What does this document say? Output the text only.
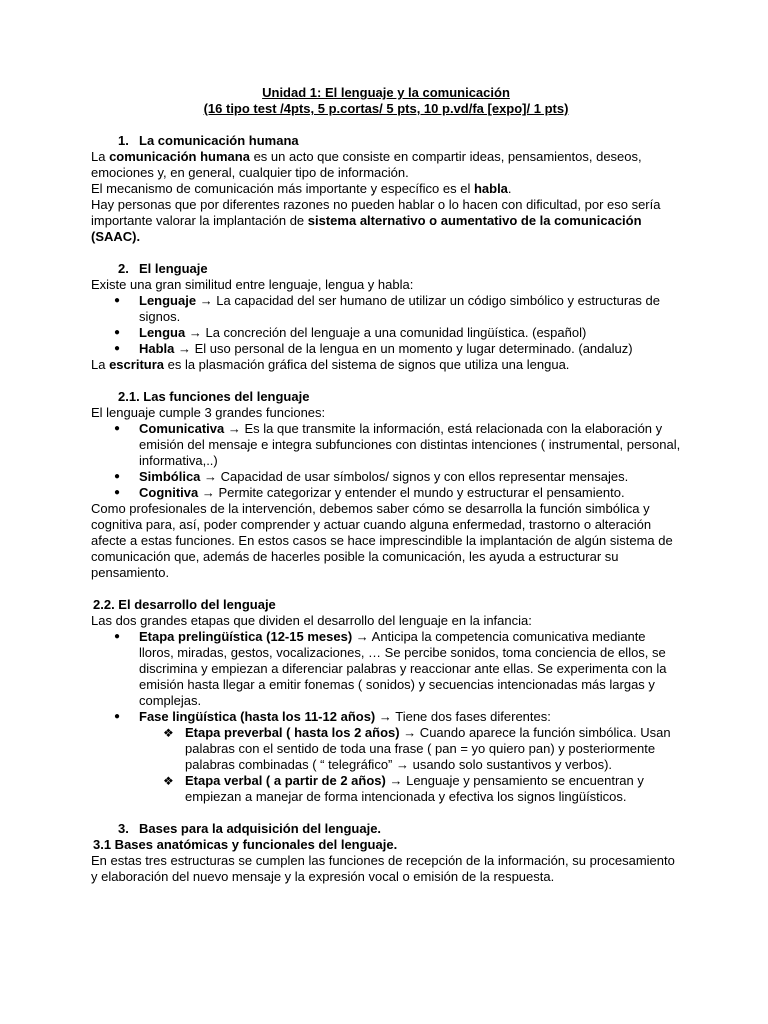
Unidad 1: El lenguaje y la comunicación

(16 tipo test /4pts, 5 p.cortas/ 5 pts, 10 p.vd/fa [expo]/ 1 pts)

1. La comunicación humana

La comunicación humana es un acto que consiste en compartir ideas, pensamientos, deseos, emociones y, en general, cualquier tipo de información.

El mecanismo de comunicación más importante y específico es el habla.

Hay personas que por diferentes razones no pueden hablar o lo hacen con dificultad, por eso sería importante valorar la implantación de sistema alternativo o aumentativo de la comunicación (SAAC).

2. El lenguaje

Existe una gran similitud entre lenguaje, lengua y habla:

● Lenguaje → La capacidad del ser humano de utilizar un código simbólico y estructuras de signos.
● Lengua → La concreción del lenguaje a una comunidad lingüística. (español)
● Habla → El uso personal de la lengua en un momento y lugar determinado. (andaluz)

La escritura es la plasmación gráfica del sistema de signos que utiliza una lengua.

2.1. Las funciones del lenguaje

El lenguaje cumple 3 grandes funciones:

● Comunicativa → Es la que transmite la información, está relacionada con la elaboración y emisión del mensaje e integra subfunciones con distintas intenciones ( instrumental, personal, informativa,..)
● Simbólica → Capacidad de usar símbolos/ signos y con ellos representar mensajes.
● Cognitiva → Permite categorizar y entender el mundo y estructurar el pensamiento.

Como profesionales de la intervención, debemos saber cómo se desarrolla la función simbólica y cognitiva para, así, poder comprender y actuar cuando alguna enfermedad, trastorno o alteración afecte a estas funciones. En estos casos se hace imprescindible la implantación de algún sistema de comunicación que, además de hacerles posible la comunicación, les ayuda a estructurar su pensamiento.

2.2. El desarrollo del lenguaje

Las dos grandes etapas que dividen el desarrollo del lenguaje en la infancia:

● Etapa prelingüística (12-15 meses) → Anticipa la competencia comunicativa mediante lloros, miradas, gestos, vocalizaciones, … Se percibe sonidos, toma conciencia de ellos, se discrimina y empiezan a diferenciar palabras y reaccionar ante ellas. Se experimenta con la emisión hasta llegar a emitir fonemas ( sonidos) y secuencias intencionadas más largas y complejas.
● Fase lingüística (hasta los 11-12 años) → Tiene dos fases diferentes:
❖ Etapa preverbal ( hasta los 2 años) → Cuando aparece la función simbólica. Usan palabras con el sentido de toda una frase ( pan = yo quiero pan) y posteriormente palabras combinadas ( “ telegráfico” → usando solo sustantivos y verbos).
❖ Etapa verbal ( a partir de 2 años) → Lenguaje y pensamiento se encuentran y empiezan a manejar de forma intencionada y efectiva los signos lingüísticos.

3. Bases para la adquisición del lenguaje.

3.1 Bases anatómicas y funcionales del lenguaje.

En estas tres estructuras se cumplen las funciones de recepción de la información, su procesamiento y elaboración del nuevo mensaje y la expresión vocal o emisión de la respuesta.
